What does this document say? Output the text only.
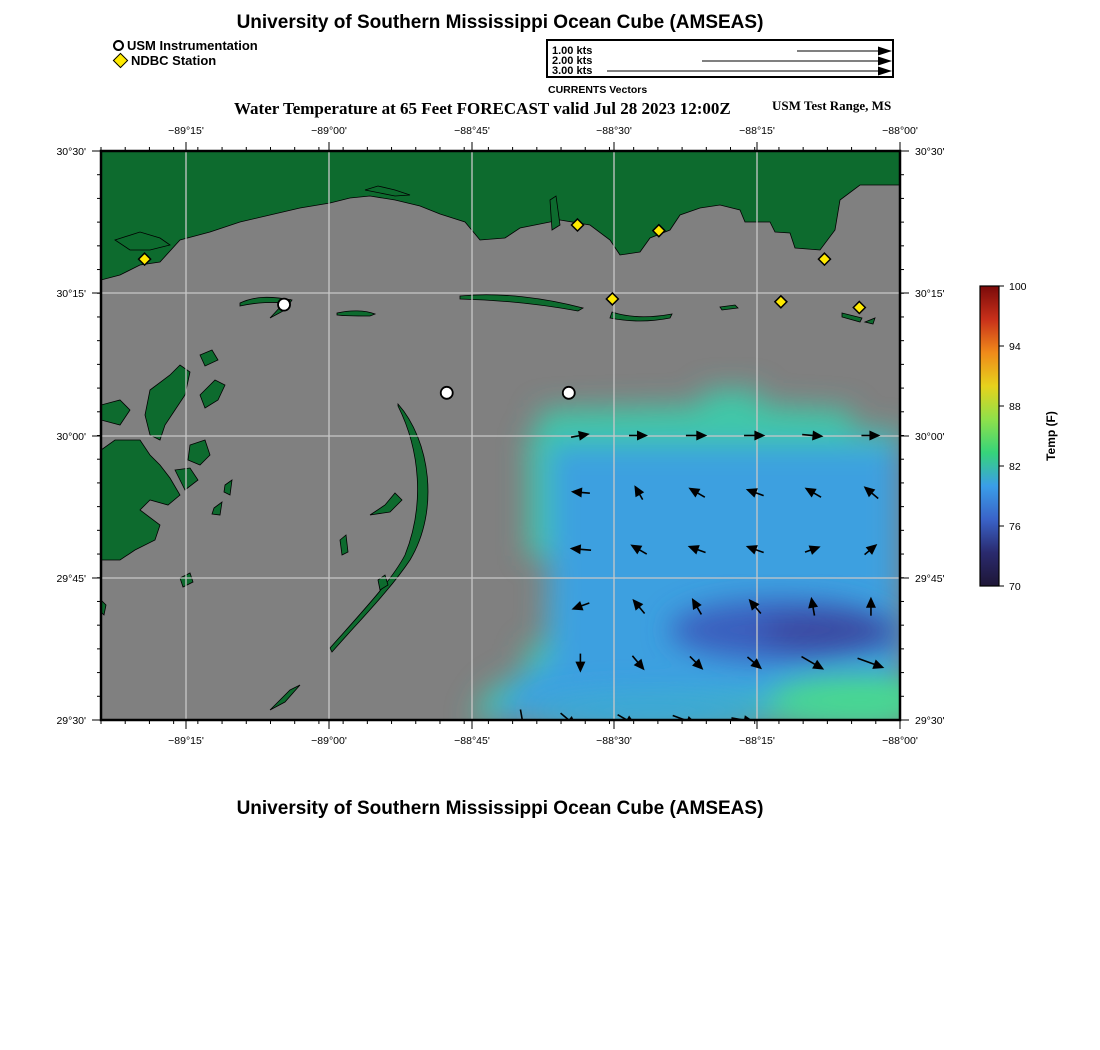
University of Southern Mississippi Ocean Cube (AMSEAS)
USM Instrumentation
NDBC Station
1.00 kts
2.00 kts
3.00 kts
CURRENTS Vectors
Water Temperature at 65 Feet FORECAST valid Jul 28 2023 12:00Z	USM Test Range, MS
−89°15'	−89°00'	−88°45'	−88°30'	−88°15'	−88°00'
−89°15'	−89°00'	−88°45'	−88°30'	−88°15'	−88°00'
30°30'
30°15'
30°00'
29°45'
29°30'
30°30'
30°15'
30°00'
29°45'
29°30'
100
94
88
82
76
70
Temp (F)
University of Southern Mississippi Ocean Cube (AMSEAS)
